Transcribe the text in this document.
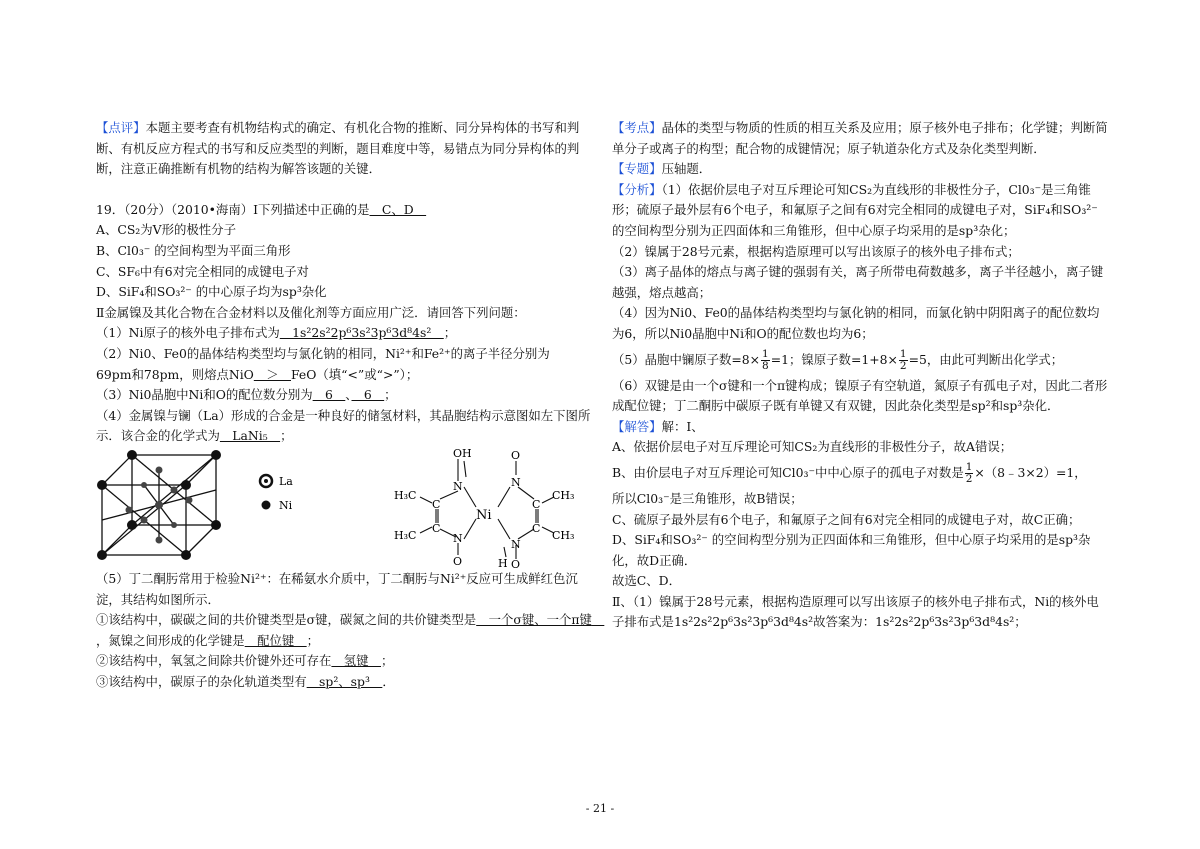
【点评】本题主要考查有机物结构式的确定、有机化合物的推断、同分异构体的书写和判断、有机反应方程式的书写和反应类型的判断，题目难度中等，易错点为同分异构体的判断，注意正确推断有机物的结构为解答该题的关键．

19．（20分）（2010•海南）Ⅰ下列描述中正确的是　C、D　

A、CS₂为V形的极性分子

B、Cl0₃⁻ 的空间构型为平面三角形

C、SF₆中有6对完全相同的成键电子对

D、SiF₄和SO₃²⁻ 的中心原子均为sp³杂化

Ⅱ金属镍及其化合物在合金材料以及催化剂等方面应用广泛．请回答下列问题：

（1）Ni原子的核外电子排布式为　1s²2s²2p⁶3s²3p⁶3d⁸4s²　；

（2）Ni0、Fe0的晶体结构类型均与氯化钠的相同，Ni²⁺和Fe²⁺的离子半径分别为
69pm和78pm，则熔点NiO　＞　FeO（填“<”或“>”）；

（3）Ni0晶胞中Ni和O的配位数分别为　6　、　6　；

（4）金属镍与镧（La）形成的合金是一种良好的储氢材料，其晶胞结构示意图如左下图所示．该合金的化学式为　LaNi₅　；

La
Ni
O H
N
C
C
N
O
H₃C
H₃C
Ni
N
N
O
H O
C
C
CH₃
CH₃

（5）丁二酮肟常用于检验Ni²⁺：在稀氨水介质中，丁二酮肟与Ni²⁺反应可生成鲜红色沉淀，其结构如图所示．

①该结构中，碳碳之间的共价键类型是σ键，碳氮之间的共价键类型是　一个σ键、一个π键　，氮镍之间形成的化学键是　配位键　；

②该结构中，氧氢之间除共价键外还可存在　氢键　；

③该结构中，碳原子的杂化轨道类型有　sp²、sp³　．

【考点】晶体的类型与物质的性质的相互关系及应用；原子核外电子排布；化学键；判断简单分子或离子的构型；配合物的成键情况；原子轨道杂化方式及杂化类型判断．

【专题】压轴题．

【分析】（1）依据价层电子对互斥理论可知CS₂为直线形的非极性分子，Cl0₃⁻是三角锥形；硫原子最外层有6个电子，和氟原子之间有6对完全相同的成键电子对，SiF₄和SO₃²⁻ 的空间构型分别为正四面体和三角锥形，但中心原子均采用的是sp³杂化；

（2）镍属于28号元素，根据构造原理可以写出该原子的核外电子排布式；

（3）离子晶体的熔点与离子键的强弱有关，离子所带电荷数越多，离子半径越小，离子键越强，熔点越高；

（4）因为Ni0、Fe0的晶体结构类型均与氯化钠的相同，而氯化钠中阴阳离子的配位数均为6，所以Ni0晶胞中Ni和O的配位数也均为6；

（5）晶胞中镧原子数$=8\times \frac{1}{8} =1$；镍原子数$=1+8\times \frac{1}{2} =5$，由此可判断出化学式；

（6）双键是由一个σ键和一个π键构成；镍原子有空轨道，氮原子有孤电子对，因此二者形成配位键；丁二酮肟中碳原子既有单键又有双键，因此杂化类型是sp²和sp³杂化．

【解答】解：Ⅰ、

A、依据价层电子对互斥理论可知CS₂为直线形的非极性分子，故A错误；

B、由价层电子对互斥理论可知Cl0₃⁻中中心原子的孤电子对数是 $\frac{1}{2}$ ×（8﹣3×2）=1，

所以Cl0₃⁻是三角锥形，故B错误；

C、硫原子最外层有6个电子，和氟原子之间有6对完全相同的成键电子对，故C正确；

D、SiF₄和SO₃²⁻ 的空间构型分别为正四面体和三角锥形，但中心原子均采用的是sp³杂化，故D正确．

故选C、D．

Ⅱ、（1）镍属于28号元素，根据构造原理可以写出该原子的核外电子排布式，Ni的核外电子排布式是1s²2s²2p⁶3s²3p⁶3d⁸4s²故答案为：1s²2s²2p⁶3s²3p⁶3d⁸4s²；

- 21 -
